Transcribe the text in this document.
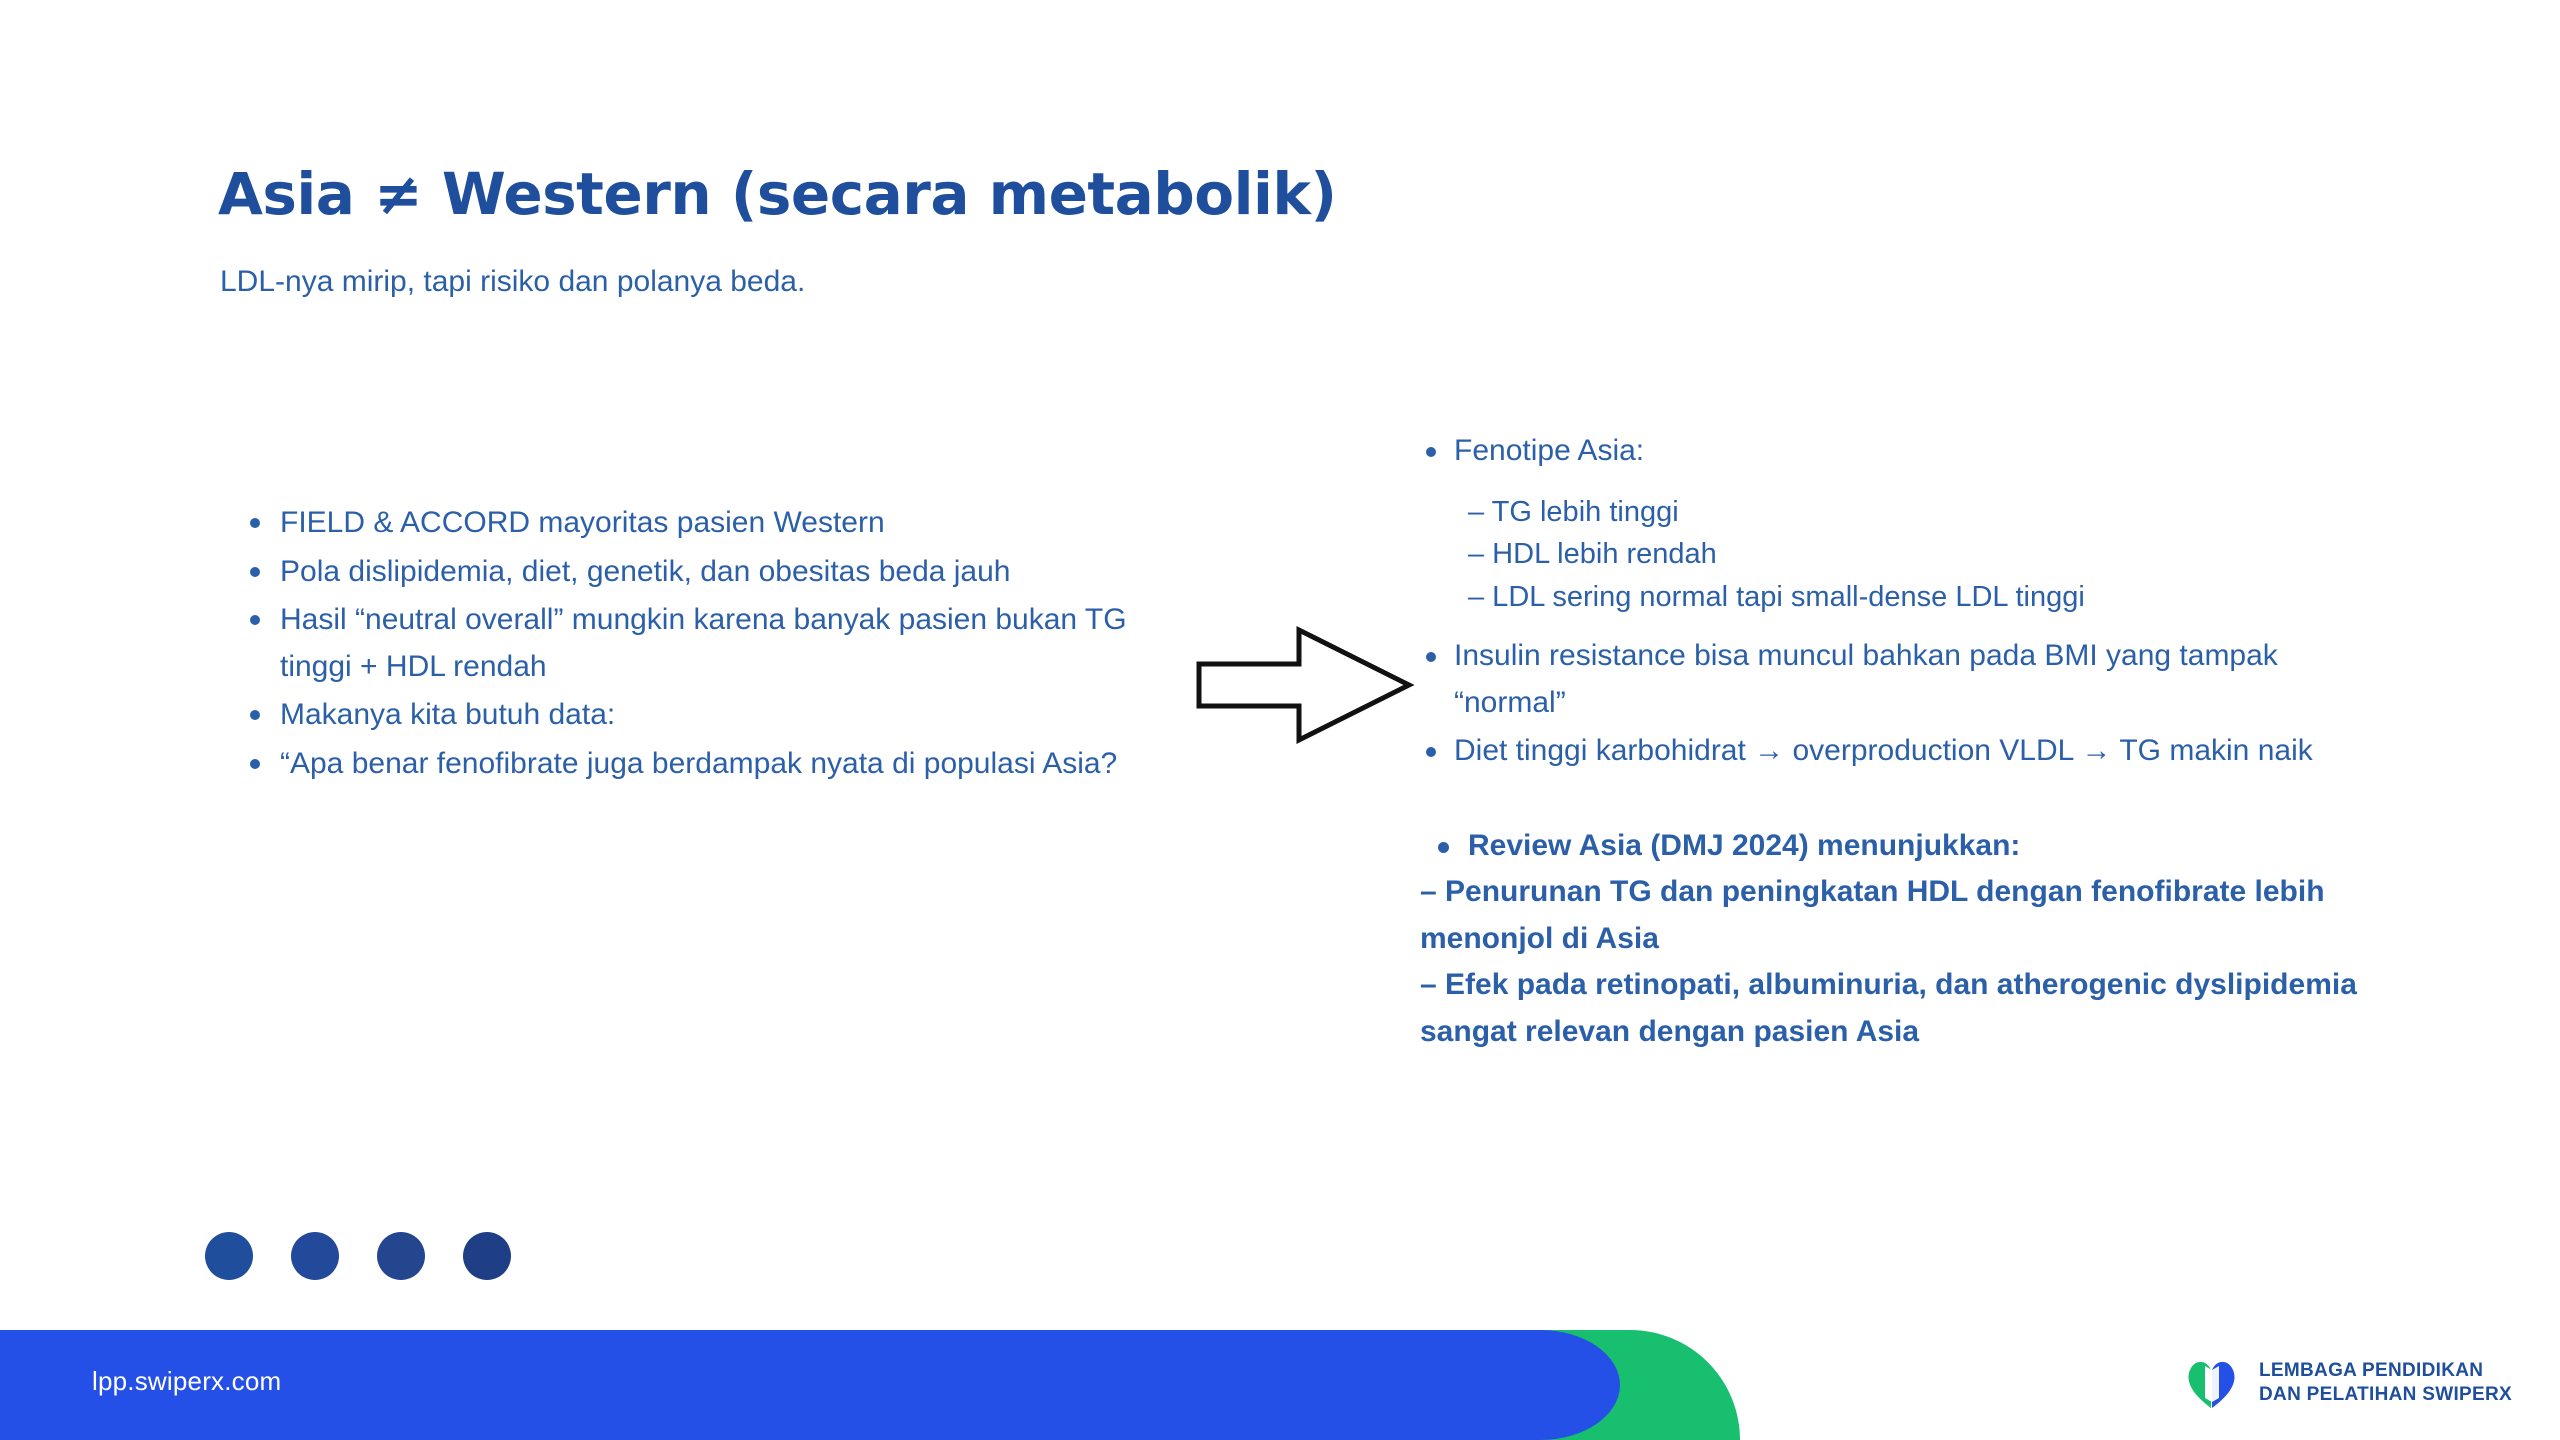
Asia ≠ Western (secara metabolik)
LDL-nya mirip, tapi risiko dan polanya beda.
FIELD & ACCORD mayoritas pasien Western
Pola dislipidemia, diet, genetik, dan obesitas beda jauh
Hasil “neutral overall” mungkin karena banyak pasien bukan TG tinggi + HDL rendah
Makanya kita butuh data:
“Apa benar fenofibrate juga berdampak nyata di populasi Asia?
Fenotipe Asia:
– TG lebih tinggi
– HDL lebih rendah
– LDL sering normal tapi small-dense LDL tinggi
Insulin resistance bisa muncul bahkan pada BMI yang tampak “normal”
Diet tinggi karbohidrat → overproduction VLDL → TG makin naik
Review Asia (DMJ 2024) menunjukkan:
– Penurunan TG dan peningkatan HDL dengan fenofibrate lebih menonjol di Asia
– Efek pada retinopati, albuminuria, dan atherogenic dyslipidemia sangat relevan dengan pasien Asia
lpp.swiperx.com	LEMBAGA PENDIDIKAN
DAN PELATIHAN SWIPERX
